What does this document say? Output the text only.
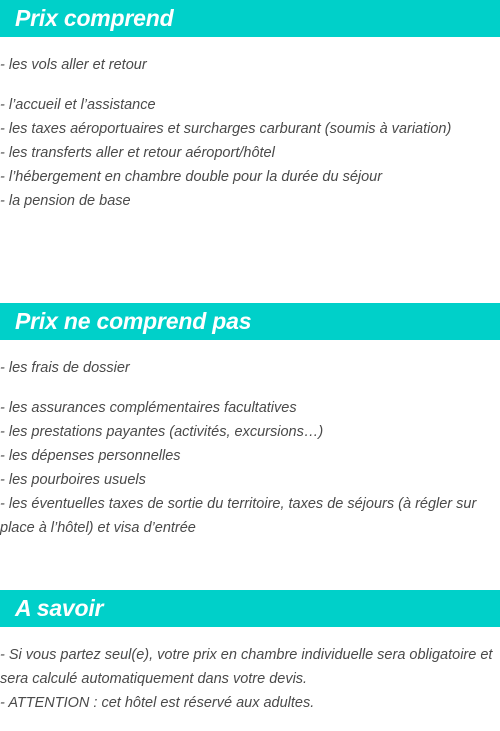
Prix comprend
- les vols aller et retour
- l’accueil et l’assistance
- les taxes aéroportuaires et surcharges carburant (soumis à variation)
- les transferts aller et retour aéroport/hôtel
- l’hébergement en chambre double pour la durée du séjour
- la pension de base
Prix ne comprend pas
- les frais de dossier
- les assurances complémentaires facultatives
- les prestations payantes (activités, excursions…)
- les dépenses personnelles
- les pourboires usuels
- les éventuelles taxes de sortie du territoire, taxes de séjours (à régler sur place à l’hôtel) et visa d’entrée
A savoir
- Si vous partez seul(e), votre prix en chambre individuelle sera obligatoire et sera calculé automatiquement dans votre devis.
- ATTENTION : cet hôtel est réservé aux adultes.
